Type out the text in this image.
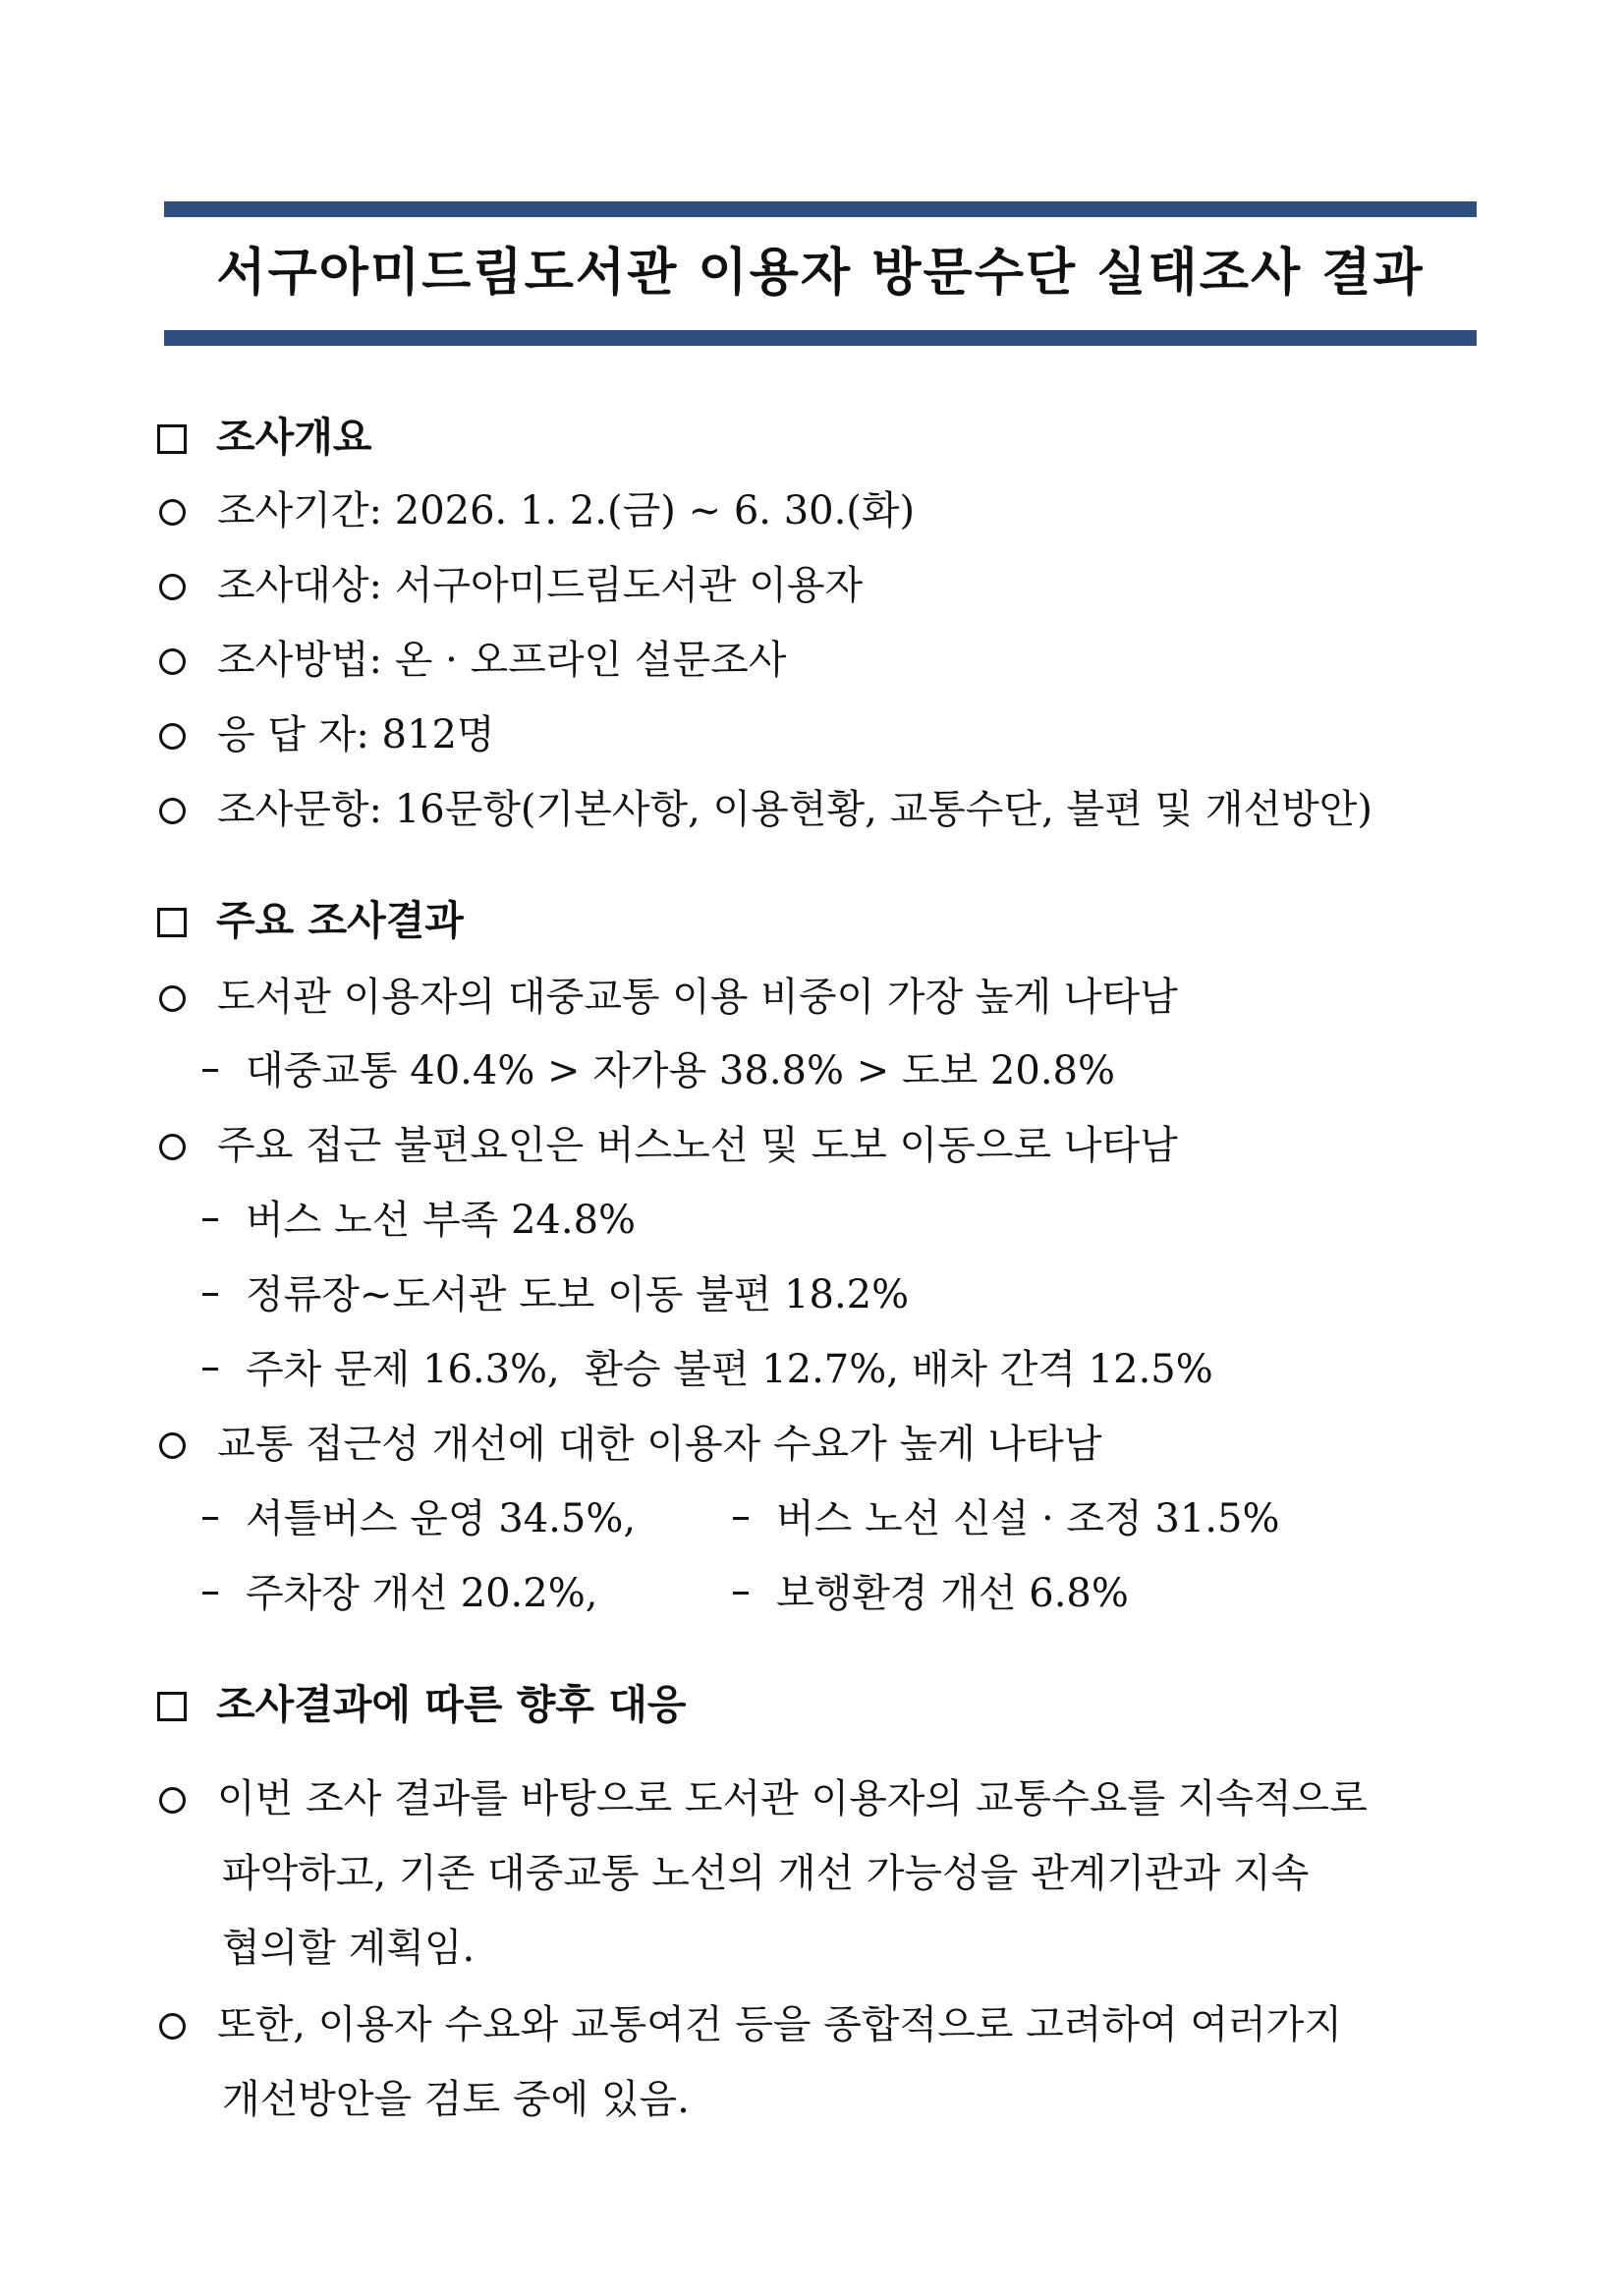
서구아미드림도서관 이용자 방문수단 실태조사 결과
조사개요
조사기간: 2026. 1. 2.(금) ~ 6. 30.(화)
조사대상: 서구아미드림도서관 이용자
조사방법: 온 · 오프라인 설문조사
응 답 자: 812명
조사문항: 16문항(기본사항, 이용현황, 교통수단, 불편 및 개선방안)
주요 조사결과
도서관 이용자의 대중교통 이용 비중이 가장 높게 나타남
대중교통 40.4% > 자가용 38.8% > 도보 20.8%
주요 접근 불편요인은 버스노선 및 도보 이동으로 나타남
버스 노선 부족 24.8%
정류장~도서관 도보 이동 불편 18.2%
주차 문제 16.3%,  환승 불편 12.7%, 배차 간격 12.5%
교통 접근성 개선에 대한 이용자 수요가 높게 나타남
셔틀버스 운영 34.5%,	버스 노선 신설 · 조정 31.5%
주차장 개선 20.2%,	보행환경 개선 6.8%
조사결과에 따른 향후 대응
이번 조사 결과를 바탕으로 도서관 이용자의 교통수요를 지속적으로
파악하고, 기존 대중교통 노선의 개선 가능성을 관계기관과 지속
협의할 계획임.
또한, 이용자 수요와 교통여건 등을 종합적으로 고려하여 여러가지
개선방안을 검토 중에 있음.
